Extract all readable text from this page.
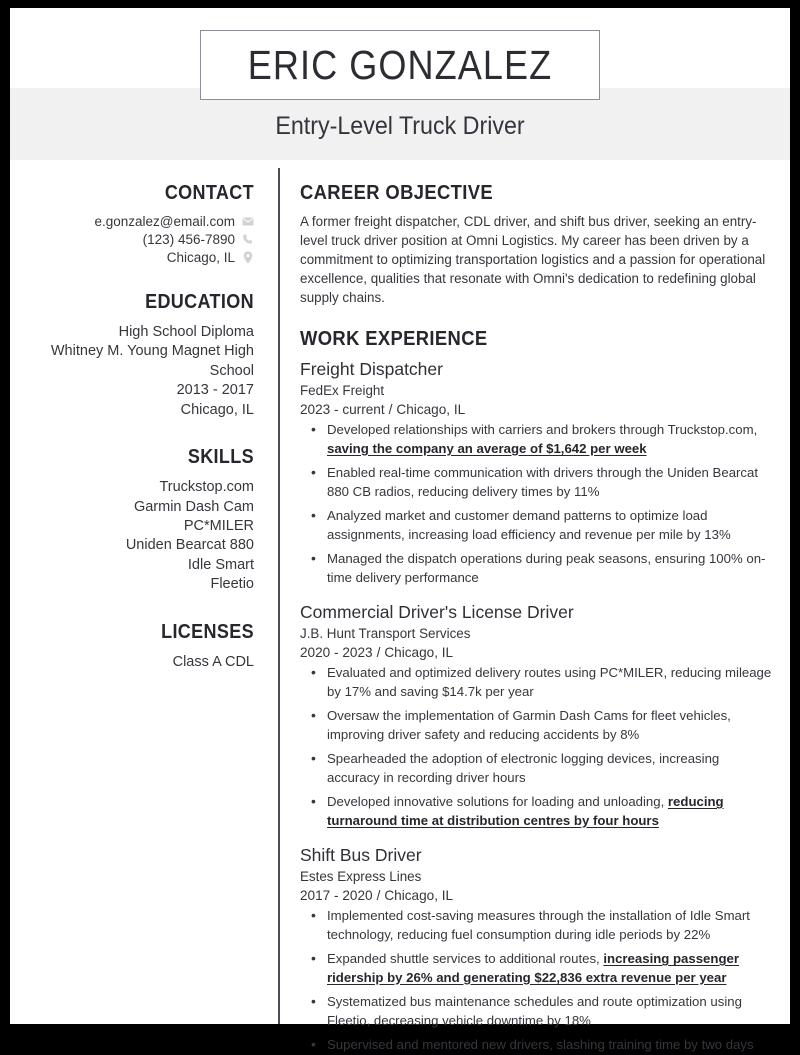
ERIC GONZALEZ
Entry-Level Truck Driver
CONTACT
e.gonzalez@email.com
(123) 456-7890
Chicago, IL
EDUCATION
High School Diploma
Whitney M. Young Magnet High School
2013 - 2017
Chicago, IL
SKILLS
Truckstop.com
Garmin Dash Cam
PC*MILER
Uniden Bearcat 880
Idle Smart
Fleetio
LICENSES
Class A CDL
CAREER OBJECTIVE

A former freight dispatcher, CDL driver, and shift bus driver, seeking an entry-level truck driver position at Omni Logistics. My career has been driven by a commitment to optimizing transportation logistics and a passion for operational excellence, qualities that resonate with Omni's dedication to redefining global supply chains.

WORK EXPERIENCE
Freight Dispatcher
FedEx Freight
2023 - current / Chicago, IL
• Developed relationships with carriers and brokers through Truckstop.com, saving the company an average of $1,642 per week
• Enabled real-time communication with drivers through the Uniden Bearcat 880 CB radios, reducing delivery times by 11%
• Analyzed market and customer demand patterns to optimize load assignments, increasing load efficiency and revenue per mile by 13%
• Managed the dispatch operations during peak seasons, ensuring 100% on-time delivery performance
Commercial Driver's License Driver
J.B. Hunt Transport Services
2020 - 2023 / Chicago, IL
• Evaluated and optimized delivery routes using PC*MILER, reducing mileage by 17% and saving $14.7k per year
• Oversaw the implementation of Garmin Dash Cams for fleet vehicles, improving driver safety and reducing accidents by 8%
• Spearheaded the adoption of electronic logging devices, increasing accuracy in recording driver hours
• Developed innovative solutions for loading and unloading, reducing turnaround time at distribution centres by four hours
Shift Bus Driver
Estes Express Lines
2017 - 2020 / Chicago, IL
• Implemented cost-saving measures through the installation of Idle Smart technology, reducing fuel consumption during idle periods by 22%
• Expanded shuttle services to additional routes, increasing passenger ridership by 26% and generating $22,836 extra revenue per year
• Systematized bus maintenance schedules and route optimization using Fleetio, decreasing vehicle downtime by 18%
• Supervised and mentored new drivers, slashing training time by two days
